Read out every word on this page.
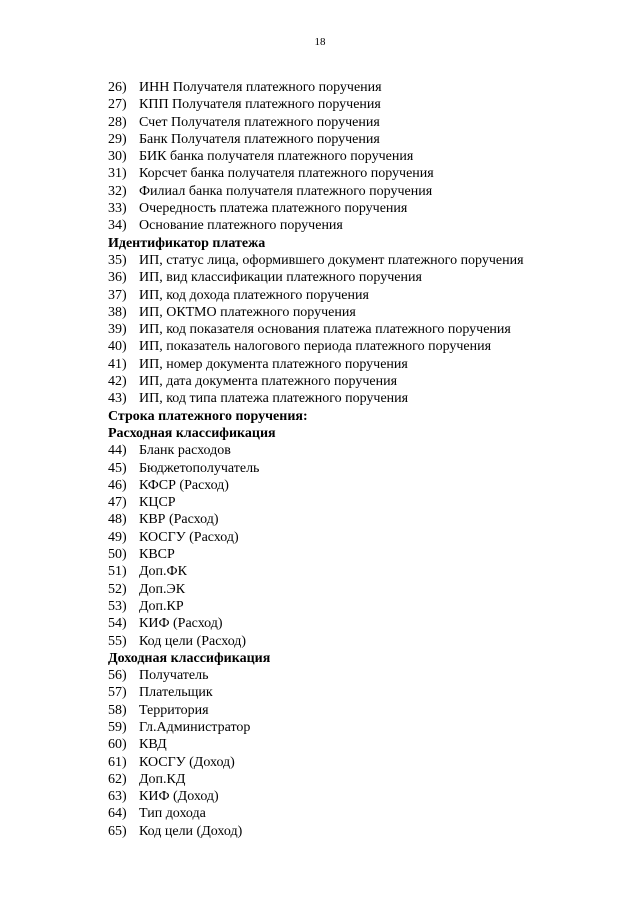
18
26) ИНН Получателя платежного поручения
27) КПП Получателя платежного поручения
28) Счет Получателя платежного поручения
29) Банк Получателя платежного поручения
30) БИК банка получателя платежного поручения
31) Корсчет банка получателя платежного поручения
32) Филиал банка получателя платежного поручения
33) Очередность платежа платежного поручения
34) Основание платежного поручения
Идентификатор платежа
35) ИП, статус лица, оформившего документ платежного поручения
36) ИП, вид классификации платежного поручения
37) ИП, код дохода платежного поручения
38) ИП, ОКТМО платежного поручения
39) ИП, код показателя основания платежа платежного поручения
40) ИП, показатель налогового периода платежного поручения
41) ИП, номер документа платежного поручения
42) ИП, дата документа платежного поручения
43) ИП, код типа платежа платежного поручения
Строка платежного поручения:
Расходная классификация
44) Бланк расходов
45) Бюджетополучатель
46) КФСР (Расход)
47) КЦСР
48) КВР (Расход)
49) КОСГУ (Расход)
50) КВСР
51) Доп.ФК
52) Доп.ЭК
53) Доп.КР
54) КИФ (Расход)
55) Код цели (Расход)
Доходная классификация
56) Получатель
57) Плательщик
58) Территория
59) Гл.Администратор
60) КВД
61) КОСГУ (Доход)
62) Доп.КД
63) КИФ (Доход)
64) Тип дохода
65) Код цели (Доход)
